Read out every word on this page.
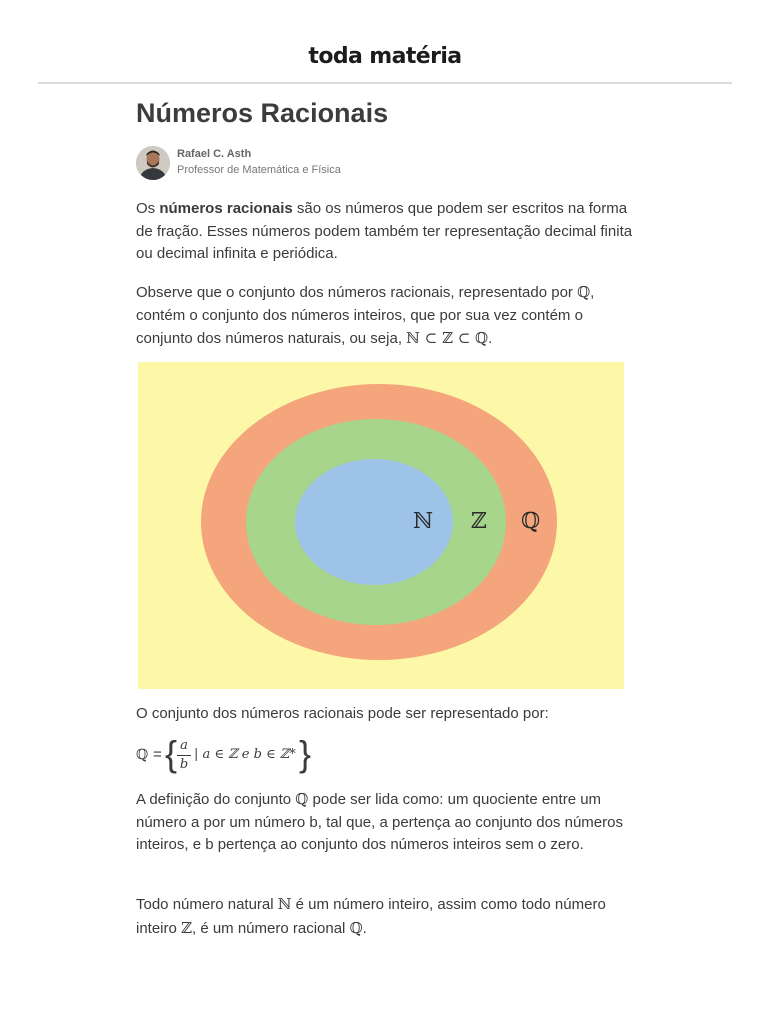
toda matéria
Números Racionais
Rafael C. Asth
Professor de Matemática e Física

Os números racionais são os números que podem ser escritos na forma de fração. Esses números podem também ter representação decimal finita ou decimal infinita e periódica.

Observe que o conjunto dos números racionais, representado por ℚ, contém o conjunto dos números inteiros, que por sua vez contém o conjunto dos números naturais, ou seja, ℕ ⊂ ℤ ⊂ ℚ.

ℕ ℤ ℚ

O conjunto dos números racionais pode ser representado por:

ℚ = { a
b
| a ∈ ℤ e b ∈ ℤ* }

A definição do conjunto ℚ pode ser lida como: um quociente entre um número a por um número b, tal que, a pertença ao conjunto dos números inteiros, e b pertença ao conjunto dos números inteiros sem o zero.

Todo número natural ℕ é um número inteiro, assim como todo número inteiro ℤ, é um número racional ℚ.
